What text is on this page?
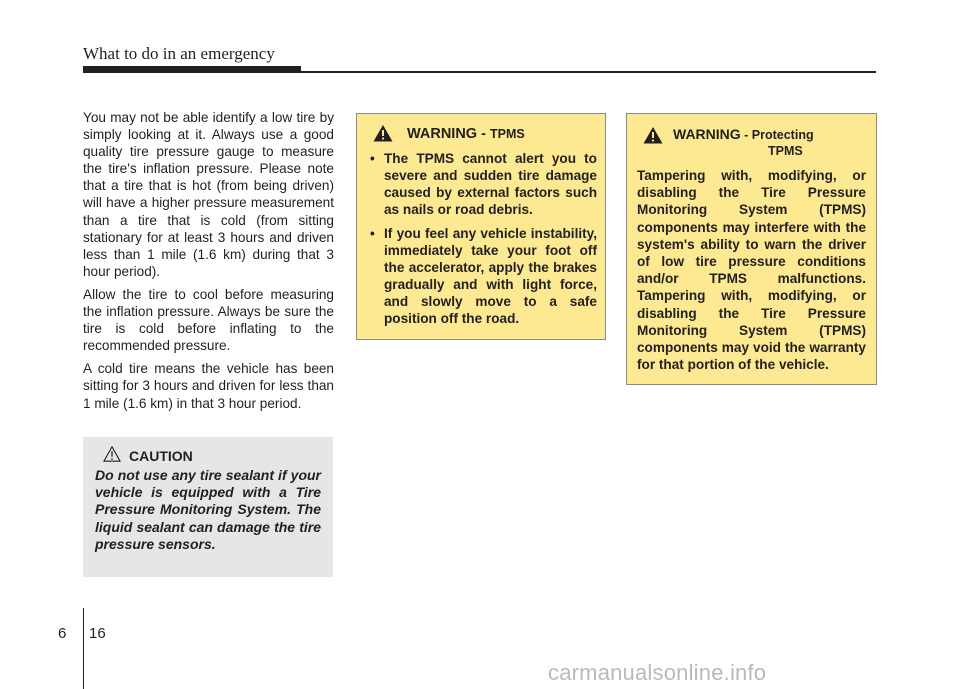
What to do in an emergency

You may not be able identify a low tire by simply looking at it. Always use a good quality tire pressure gauge to measure the tire's inflation pressure. Please note that a tire that is hot (from being driven) will have a higher pressure measurement than a tire that is cold (from sitting stationary for at least 3 hours and driven less than 1 mile (1.6 km) during that 3 hour period).

Allow the tire to cool before measuring the inflation pressure. Always be sure the tire is cold before inflating to the recommended pressure.

A cold tire means the vehicle has been sitting for 3 hours and driven for less than 1 mile (1.6 km) in that 3 hour period.

CAUTION
Do not use any tire sealant if your vehicle is equipped with a Tire Pressure Monitoring System. The liquid sealant can damage the tire pressure sensors.
WARNING - TPMS
• The TPMS cannot alert you to severe and sudden tire damage caused by external factors such as nails or road debris.
• If you feel any vehicle instability, immediately take your foot off the accelerator, apply the brakes gradually and with light force, and slowly move to a safe position off the road.
WARNING - Protecting
TPMS
Tampering with, modifying, or disabling the Tire Pressure Monitoring System (TPMS) components may interfere with the system's ability to warn the driver of low tire pressure conditions and/or TPMS malfunctions. Tampering with, modifying, or disabling the Tire Pressure Monitoring System (TPMS) components may void the warranty for that portion of the vehicle.
6 16
carmanualsonline.info
